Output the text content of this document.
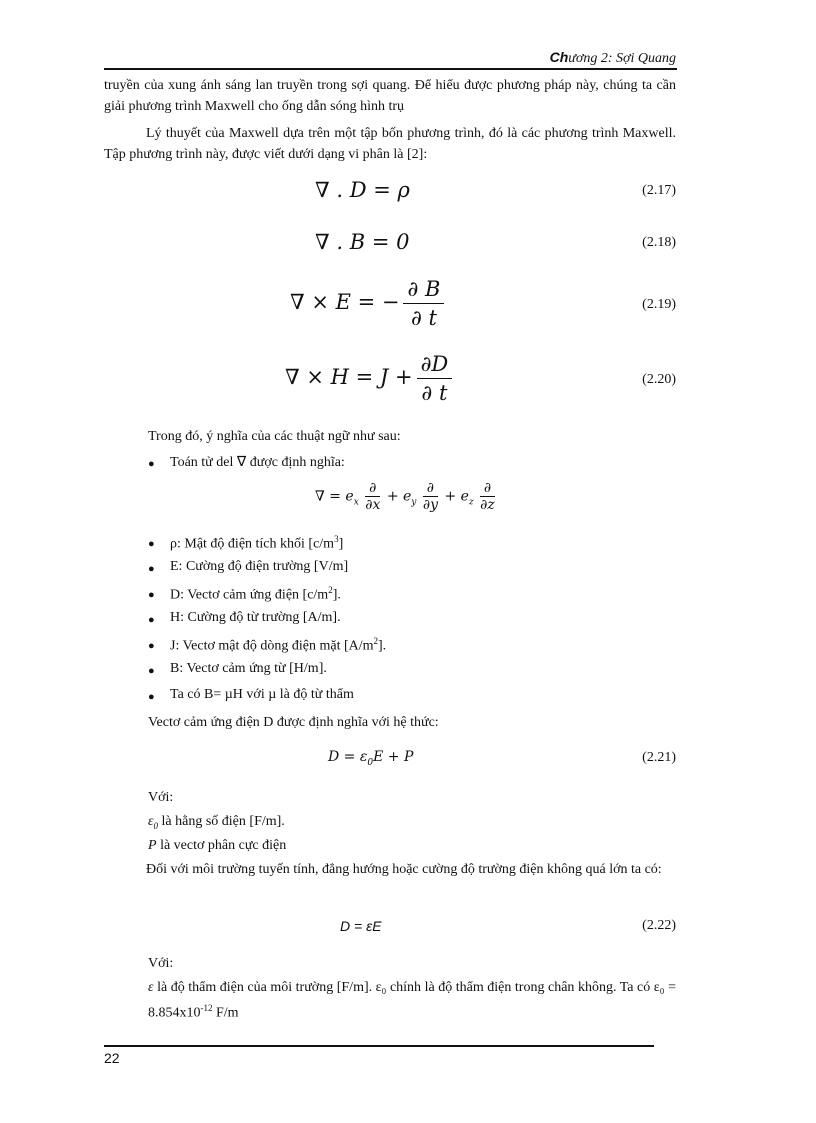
Chương 2: Sợi Quang
truyền của xung ánh sáng lan truyền trong sợi quang. Để hiểu được phương pháp này, chúng ta cần giải phương trình Maxwell cho ống dẫn sóng hình trụ
Lý thuyết của Maxwell dựa trên một tập bốn phương trình, đó là các phương trình Maxwell. Tập phương trình này, được viết dưới dạng vi phân là [2]:
∇ . D = ρ	(2.17)
∇ . B = 0	(2.18)
∇ × E = − $\frac{\partial B}{\partial t}$	(2.19)
∇ × $H = J + \frac{\partial D}{\partial t}$	(2.20)
Trong đó, ý nghĩa của các thuật ngữ như sau:
● Toán tử del ∇ được định nghĩa:
∇ = $e_x \frac{\partial}{\partial x} + e_y \frac{\partial}{\partial y} + e_z \frac{\partial}{\partial z}$
● ρ: Mật độ điện tích khối $[c/m^3]$
● E: Cường độ điện trường [V/m]
● D: Vectơ cảm ứng điện $[c/m^2]$.
● H: Cường độ từ trường [A/m].
● J: Vectơ mật độ dòng điện mặt $[A/m^2]$.
● B: Vectơ cảm ứng từ [H/m].
● Ta có B= µH với µ là độ từ thẩm
Vectơ cảm ứng điện D được định nghĩa với hệ thức:
$D = \varepsilon_0E + P$	(2.21)
Với:
$\varepsilon_0$ là hằng số điện [F/m].
P là vectơ phân cực điện
Đối với môi trường tuyến tính, đẳng hướng hoặc cường độ trường điện không quá lớn ta có:
D = εE	(2.22)
Với:
ε là độ thẩm điện của môi trường [F/m]. ε₀ chính là độ thẩm điện trong chân không. Ta có $\varepsilon_0 = 8.854x10^{-12}$ F/m
22
